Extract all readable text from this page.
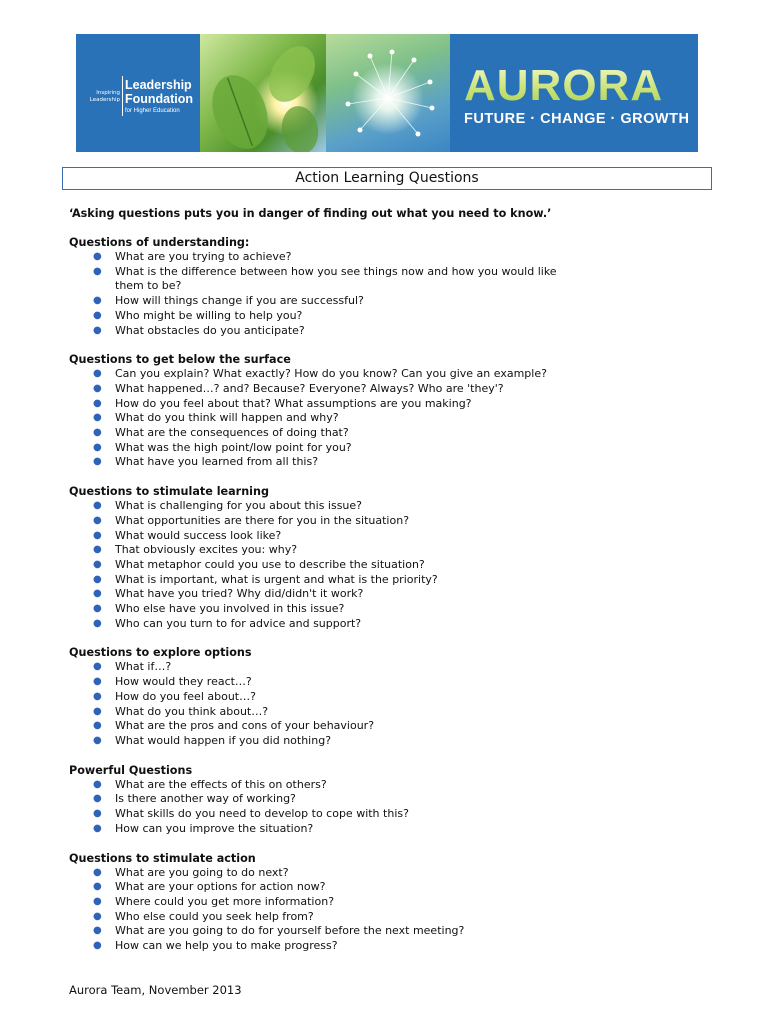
Inspiring
Leadership
Leadership
Foundation
for Higher Education
AURORA
FUTURE · CHANGE · GROWTH
Action Learning Questions
‘Asking questions puts you in danger of finding out what you need to know.’
Questions of understanding:
● What are you trying to achieve?
● What is the difference between how you see things now and how you would like them to be?
● How will things change if you are successful?
● Who might be willing to help you?
● What obstacles do you anticipate?
Questions to get below the surface
● Can you explain? What exactly? How do you know? Can you give an example?
● What happened…? and? Because? Everyone? Always? Who are 'they'?
● How do you feel about that? What assumptions are you making?
● What do you think will happen and why?
● What are the consequences of doing that?
● What was the high point/low point for you?
● What have you learned from all this?
Questions to stimulate learning
● What is challenging for you about this issue?
● What opportunities are there for you in the situation?
● What would success look like?
● That obviously excites you: why?
● What metaphor could you use to describe the situation?
● What is important, what is urgent and what is the priority?
● What have you tried? Why did/didn't it work?
● Who else have you involved in this issue?
● Who can you turn to for advice and support?
Questions to explore options
● What if…?
● How would they react…?
● How do you feel about…?
● What do you think about…?
● What are the pros and cons of your behaviour?
● What would happen if you did nothing?
Powerful Questions
● What are the effects of this on others?
● Is there another way of working?
● What skills do you need to develop to cope with this?
● How can you improve the situation?
Questions to stimulate action
● What are you going to do next?
● What are your options for action now?
● Where could you get more information?
● Who else could you seek help from?
● What are you going to do for yourself before the next meeting?
● How can we help you to make progress?
Aurora Team, November 2013
